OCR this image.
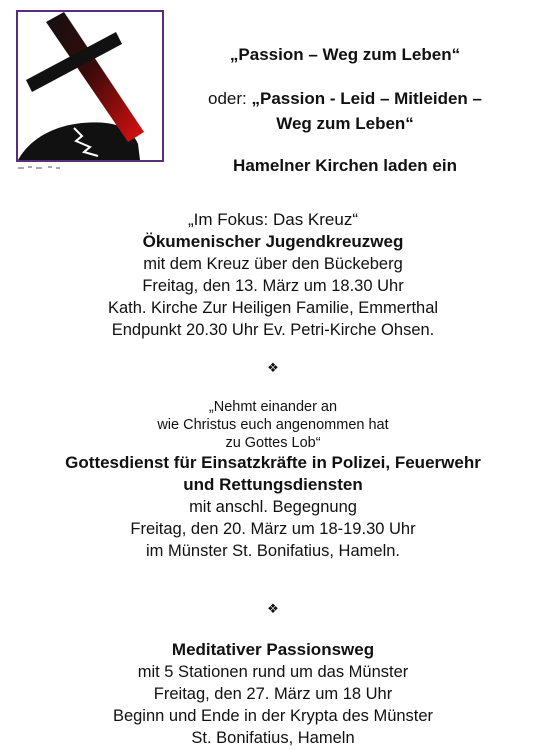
„Passion – Weg zum Leben“
oder: „Passion - Leid – Mitleiden –
Weg zum Leben“
Hamelner Kirchen laden ein

„Im Fokus: Das Kreuz“

Ökumenischer Jugendkreuzweg

mit dem Kreuz über den Bückeberg

Freitag, den 13. März um 18.30 Uhr

Kath. Kirche Zur Heiligen Familie, Emmerthal

Endpunkt 20.30 Uhr Ev. Petri-Kirche Ohsen.

❖

„Nehmt einander an

wie Christus euch angenommen hat

zu Gottes Lob“

Gottesdienst für Einsatzkräfte in Polizei, Feuerwehr

und Rettungsdiensten

mit anschl. Begegnung

Freitag, den 20. März um 18-19.30 Uhr

im Münster St. Bonifatius, Hameln.

❖

Meditativer Passionsweg

mit 5 Stationen rund um das Münster

Freitag, den 27. März um 18 Uhr

Beginn und Ende in der Krypta des Münster

St. Bonifatius, Hameln
